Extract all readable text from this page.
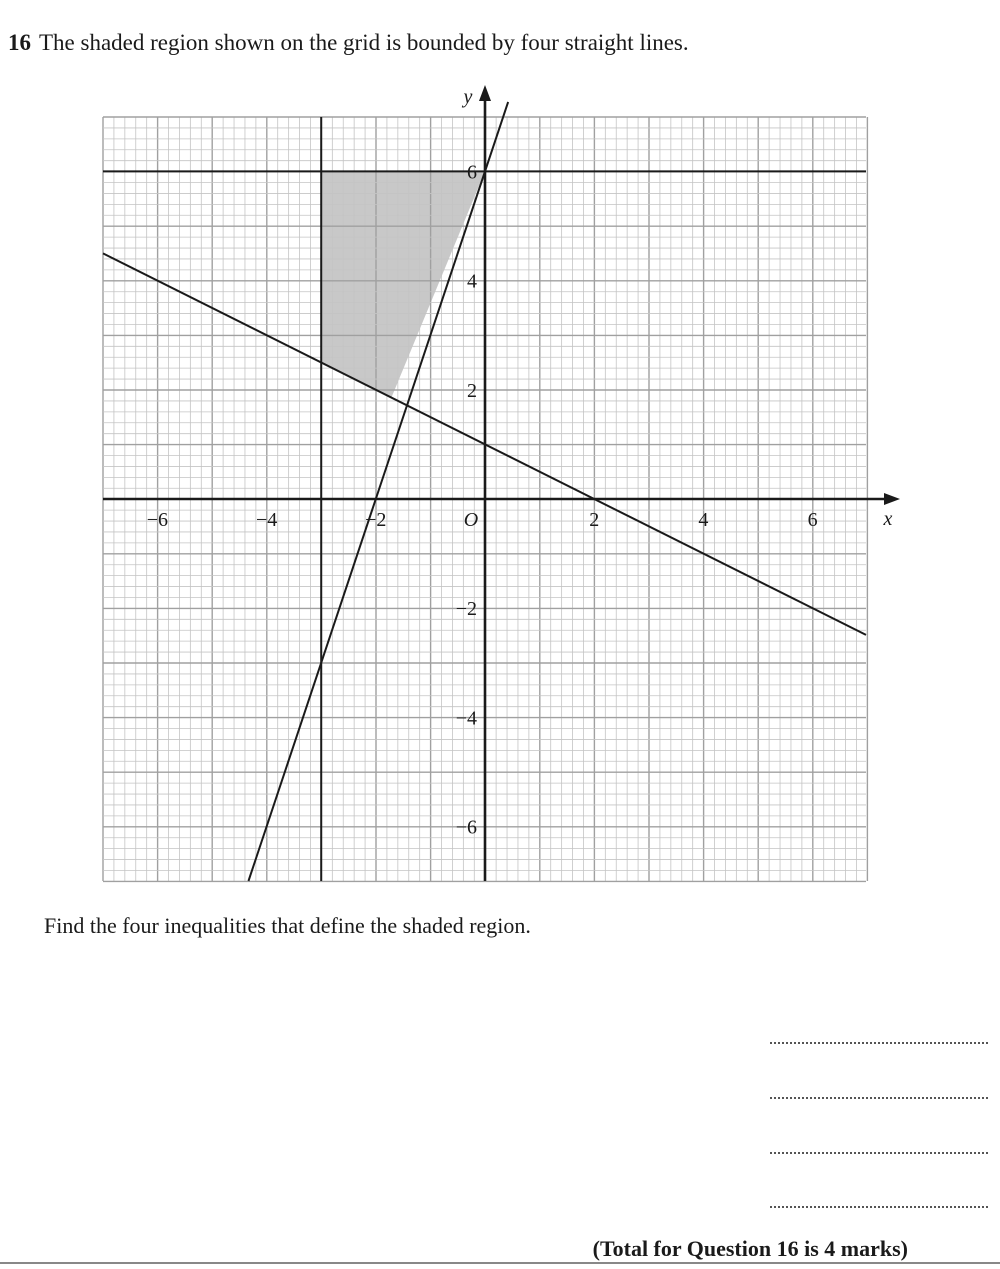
16 The shaded region shown on the grid is bounded by four straight lines.
−6	−4	−2	2	4	6
6
4
2
−2
−4
−6
O	x
y
Find the four inequalities that define the shaded region.
(Total for Question 16 is 4 marks)
